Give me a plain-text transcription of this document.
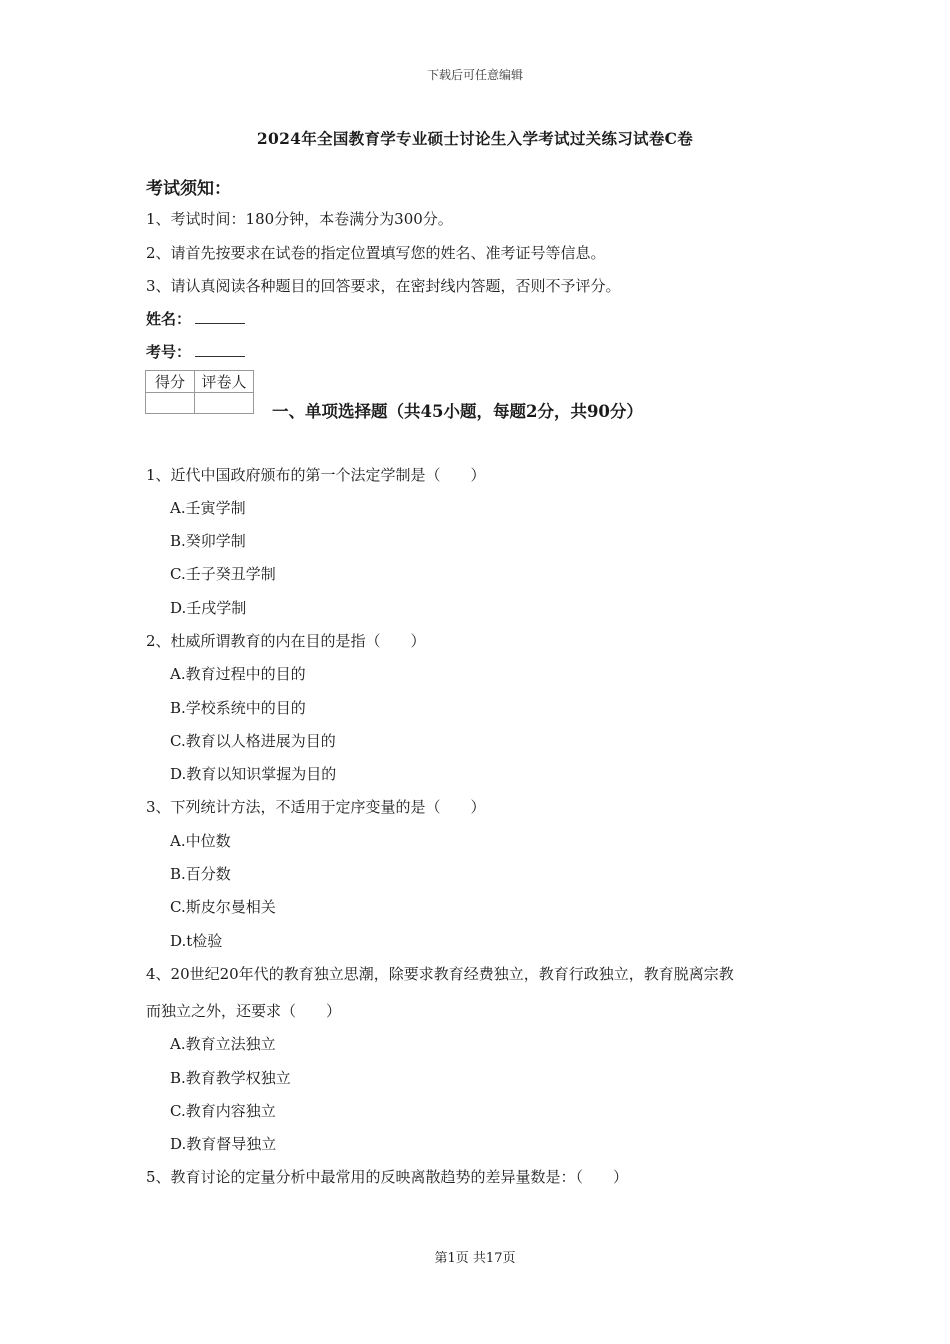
下载后可任意编辑
2024年全国教育学专业硕士讨论生入学考试过关练习试卷C卷
考试须知：
1、考试时间：180分钟，本卷满分为300分。
2、请首先按要求在试卷的指定位置填写您的姓名、准考证号等信息。
3、请认真阅读各种题目的回答要求，在密封线内答题，否则不予评分。
姓名：
考号：
得分	评卷人

一、单项选择题（共45小题，每题2分，共90分）
1、近代中国政府颁布的第一个法定学制是（　　）
A.壬寅学制
B.癸卯学制
C.壬子癸丑学制
D.壬戌学制
2、杜威所谓教育的内在目的是指（　　）
A.教育过程中的目的
B.学校系统中的目的
C.教育以人格进展为目的
D.教育以知识掌握为目的
3、下列统计方法，不适用于定序变量的是（　　）
A.中位数
B.百分数
C.斯皮尔曼相关
D.t检验
4、20世纪20年代的教育独立思潮，除要求教育经费独立，教育行政独立，教育脱离宗教
而独立之外，还要求（　　）
A.教育立法独立
B.教育教学权独立
C.教育内容独立
D.教育督导独立
5、教育讨论的定量分析中最常用的反映离散趋势的差异量数是：（　　）
第1页 共17页
